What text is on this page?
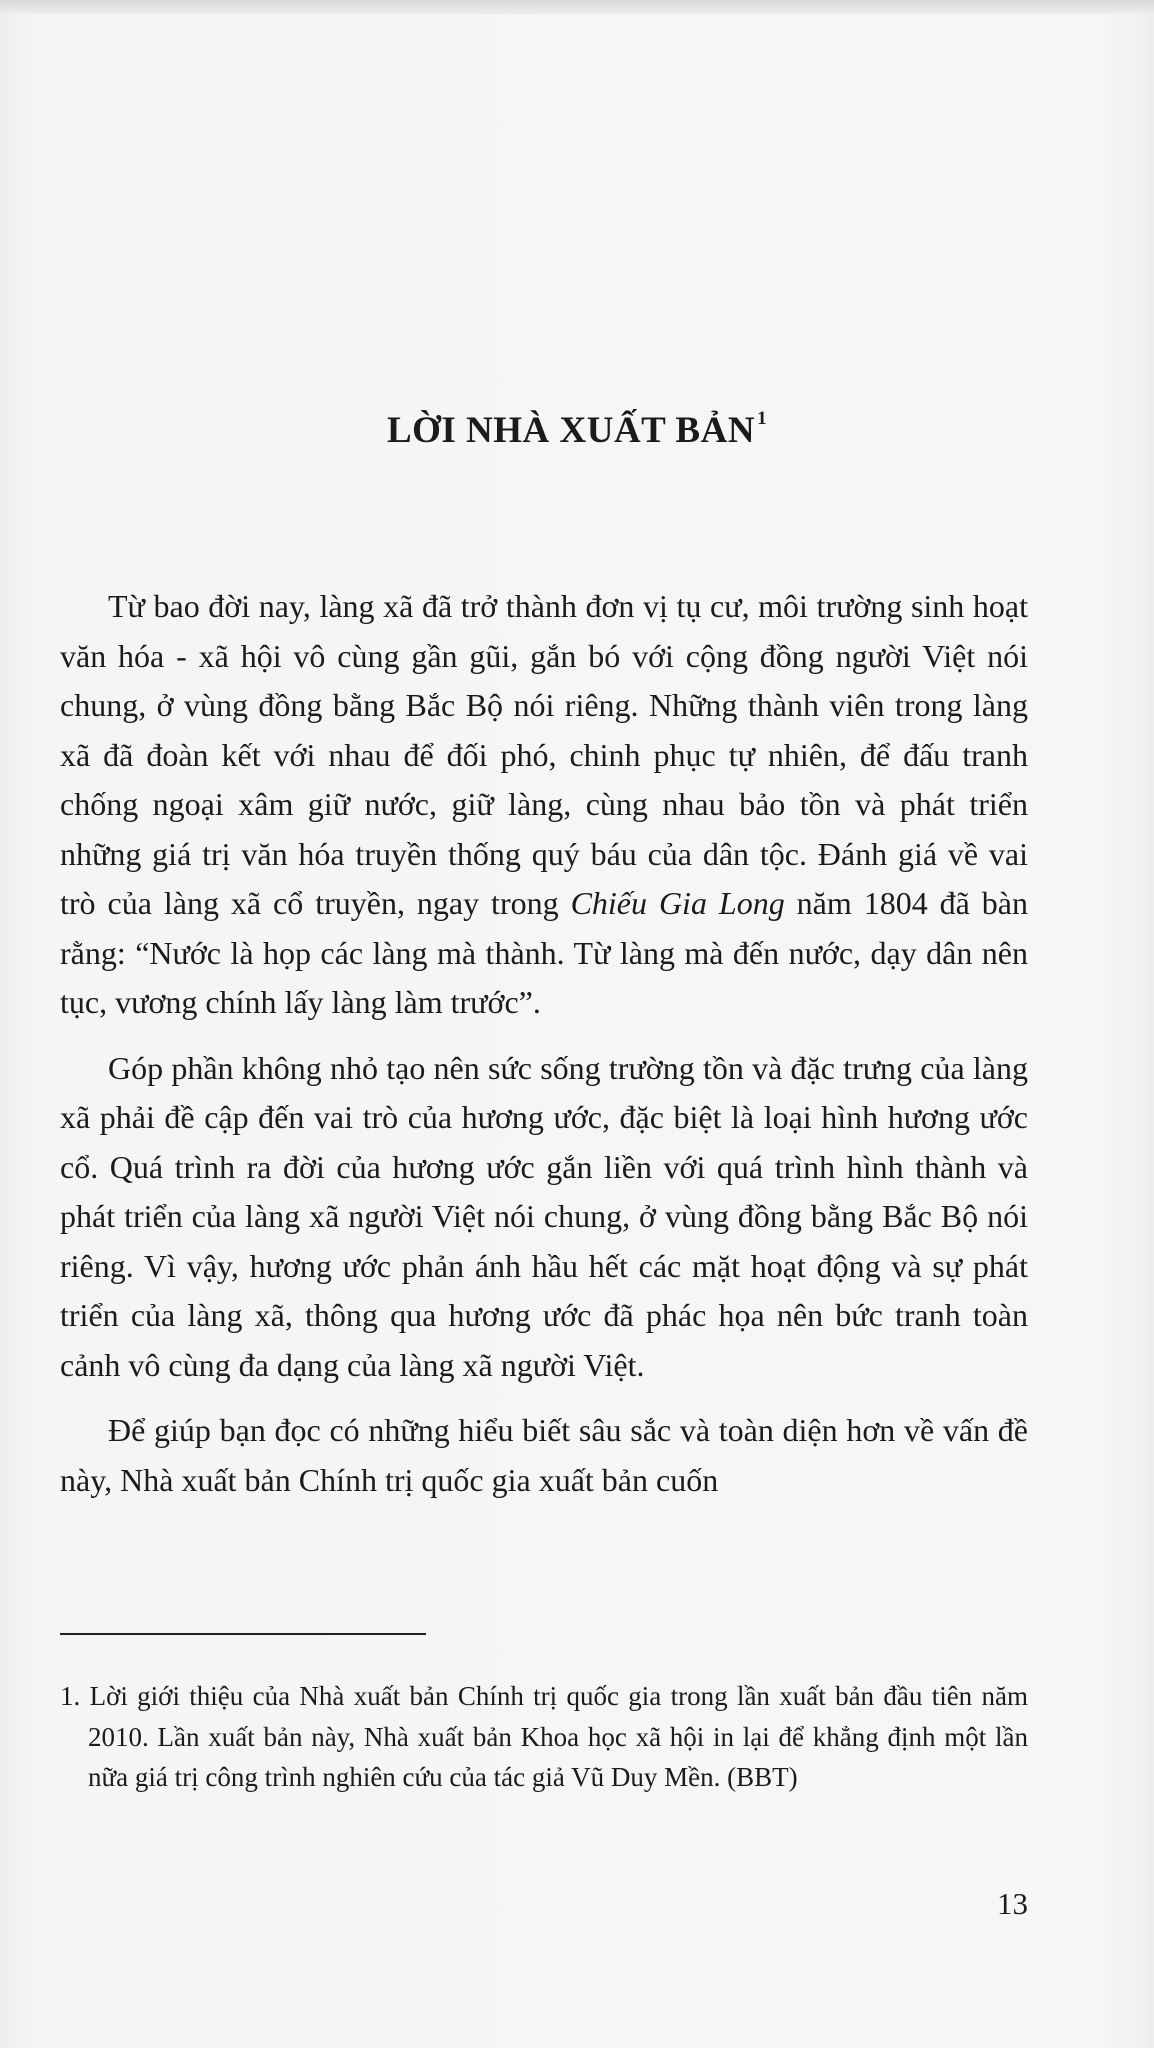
LỜI NHÀ XUẤT BẢN $^1$

Từ bao đời nay, làng xã đã trở thành đơn vị tụ cư, môi trường sinh hoạt văn hóa - xã hội vô cùng gần gũi, gắn bó với cộng đồng người Việt nói chung, ở vùng đồng bằng Bắc Bộ nói riêng. Những thành viên trong làng xã đã đoàn kết với nhau để đối phó, chinh phục tự nhiên, để đấu tranh chống ngoại xâm giữ nước, giữ làng, cùng nhau bảo tồn và phát triển những giá trị văn hóa truyền thống quý báu của dân tộc. Đánh giá về vai trò của làng xã cổ truyền, ngay trong Chiếu Gia Long năm 1804 đã bàn rằng: “Nước là họp các làng mà thành. Từ làng mà đến nước, dạy dân nên tục, vương chính lấy làng làm trước”.

Góp phần không nhỏ tạo nên sức sống trường tồn và đặc trưng của làng xã phải đề cập đến vai trò của hương ước, đặc biệt là loại hình hương ước cổ. Quá trình ra đời của hương ước gắn liền với quá trình hình thành và phát triển của làng xã người Việt nói chung, ở vùng đồng bằng Bắc Bộ nói riêng. Vì vậy, hương ước phản ánh hầu hết các mặt hoạt động và sự phát triển của làng xã, thông qua hương ước đã phác họa nên bức tranh toàn cảnh vô cùng đa dạng của làng xã người Việt.

Để giúp bạn đọc có những hiểu biết sâu sắc và toàn diện hơn về vấn đề này, Nhà xuất bản Chính trị quốc gia xuất bản cuốn

1. Lời giới thiệu của Nhà xuất bản Chính trị quốc gia trong lần xuất bản đầu tiên năm 2010. Lần xuất bản này, Nhà xuất bản Khoa học xã hội in lại để khẳng định một lần nữa giá trị công trình nghiên cứu của tác giả Vũ Duy Mền. (BBT)
13
